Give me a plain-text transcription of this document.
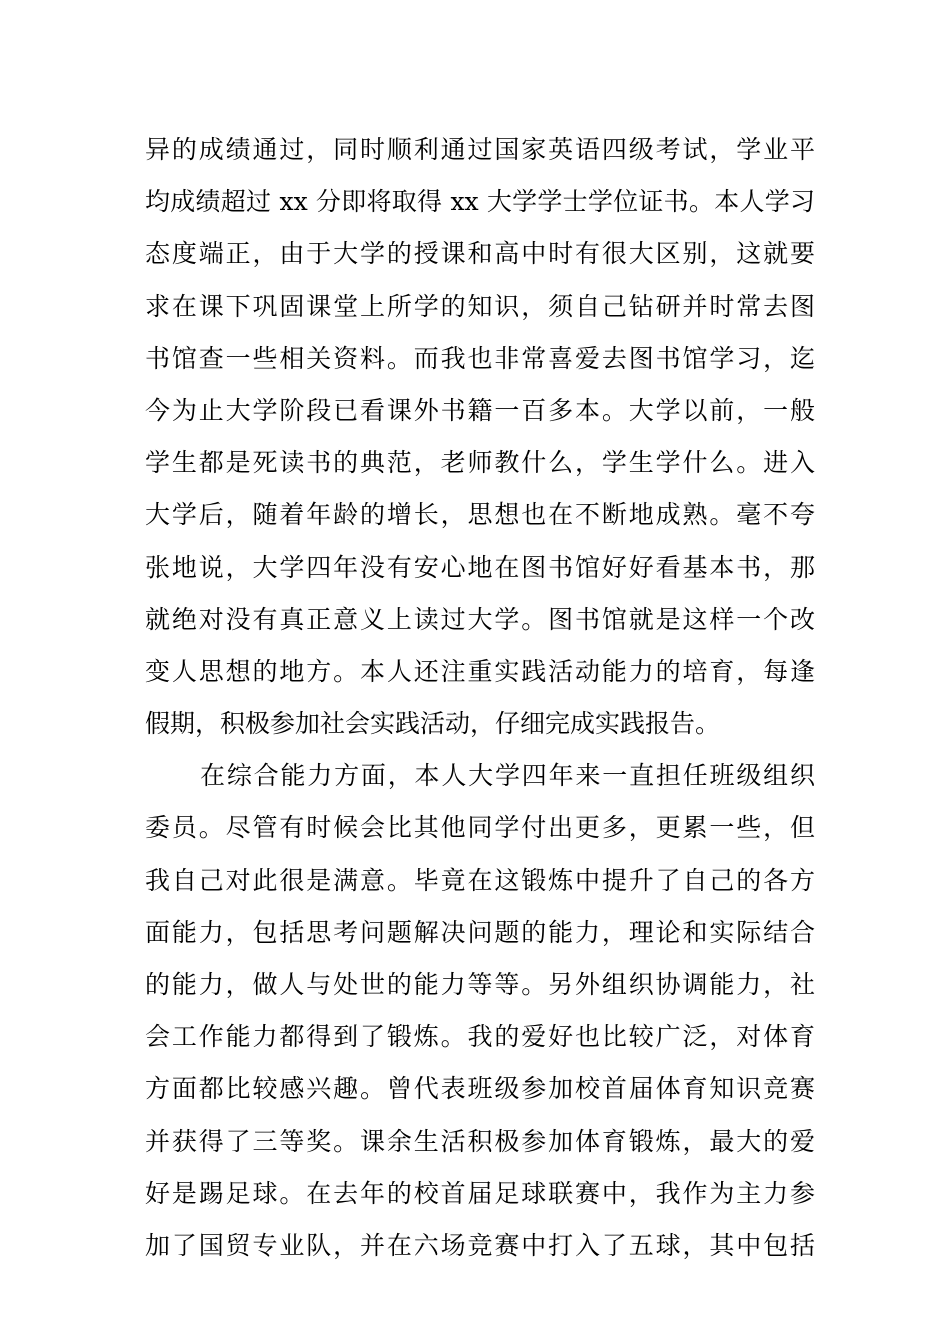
异的成绩通过，同时顺利通过国家英语四级考试，学业平
均成绩超过 xx 分即将取得 xx 大学学士学位证书。本人学习
态度端正，由于大学的授课和高中时有很大区别，这就要
求在课下巩固课堂上所学的知识，须自己钻研并时常去图
书馆查一些相关资料。而我也非常喜爱去图书馆学习，迄
今为止大学阶段已看课外书籍一百多本。大学以前，一般
学生都是死读书的典范，老师教什么，学生学什么。进入
大学后，随着年龄的增长，思想也在不断地成熟。毫不夸
张地说，大学四年没有安心地在图书馆好好看基本书，那
就绝对没有真正意义上读过大学。图书馆就是这样一个改
变人思想的地方。本人还注重实践活动能力的培育，每逢
假期，积极参加社会实践活动，仔细完成实践报告。
在综合能力方面，本人大学四年来一直担任班级组织
委员。尽管有时候会比其他同学付出更多，更累一些，但
我自己对此很是满意。毕竟在这锻炼中提升了自己的各方
面能力，包括思考问题解决问题的能力，理论和实际结合
的能力，做人与处世的能力等等。另外组织协调能力，社
会工作能力都得到了锻炼。我的爱好也比较广泛，对体育
方面都比较感兴趣。曾代表班级参加校首届体育知识竞赛
并获得了三等奖。课余生活积极参加体育锻炼，最大的爱
好是踢足球。在去年的校首届足球联赛中，我作为主力参
加了国贸专业队，并在六场竞赛中打入了五球，其中包括
